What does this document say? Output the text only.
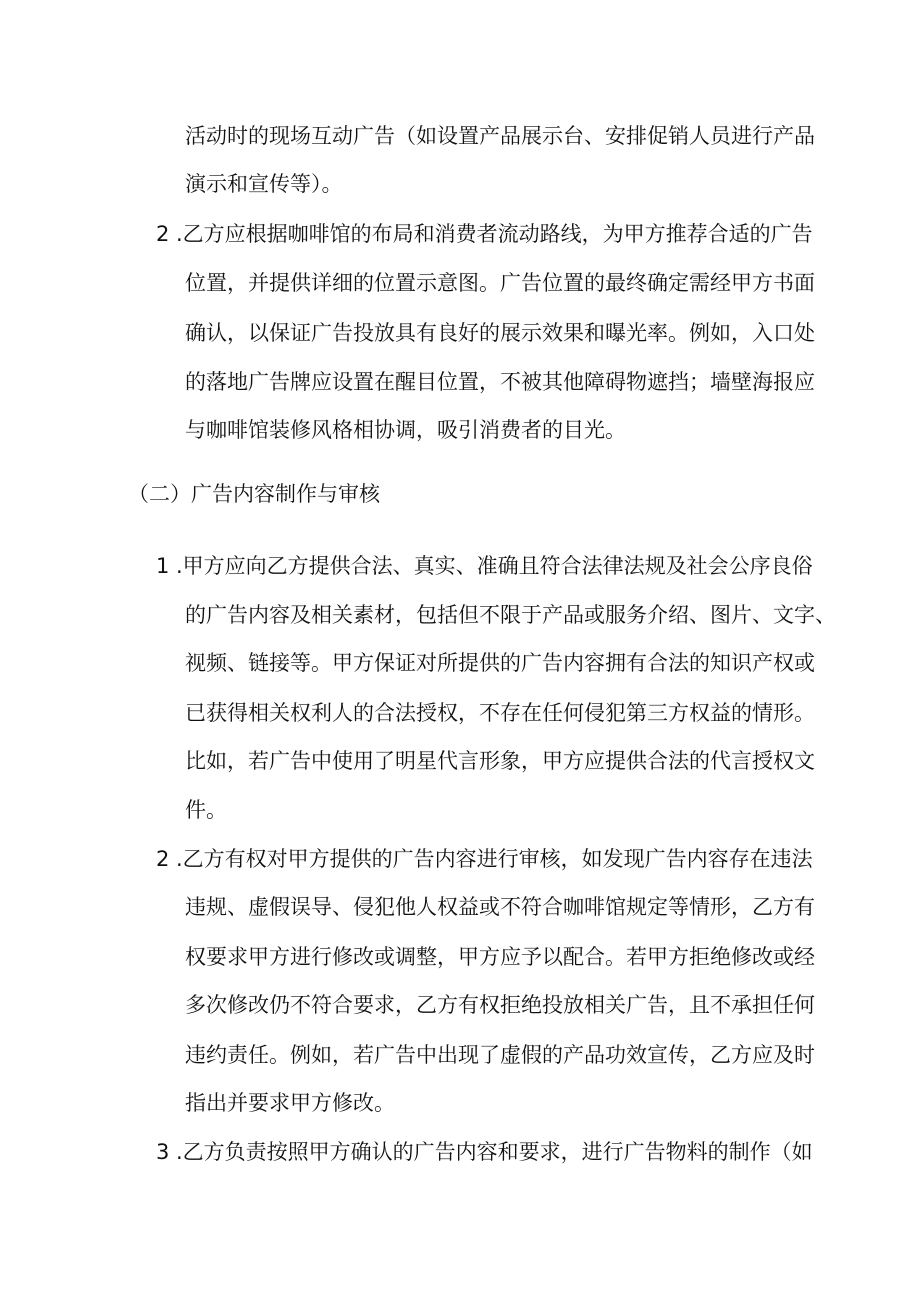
活动时的现场互动广告（如设置产品展示台、安排促销人员进行产品
演示和宣传等）。
2 .乙方应根据咖啡馆的布局和消费者流动路线，为甲方推荐合适的广告
位置，并提供详细的位置示意图。广告位置的最终确定需经甲方书面
确认，以保证广告投放具有良好的展示效果和曝光率。例如，入口处
的落地广告牌应设置在醒目位置，不被其他障碍物遮挡；墙壁海报应
与咖啡馆装修风格相协调，吸引消费者的目光。
（二）广告内容制作与审核
1 .甲方应向乙方提供合法、真实、准确且符合法律法规及社会公序良俗
的广告内容及相关素材，包括但不限于产品或服务介绍、图片、文字、
视频、链接等。甲方保证对所提供的广告内容拥有合法的知识产权或
已获得相关权利人的合法授权，不存在任何侵犯第三方权益的情形。
比如，若广告中使用了明星代言形象，甲方应提供合法的代言授权文
件。
2 .乙方有权对甲方提供的广告内容进行审核，如发现广告内容存在违法
违规、虚假误导、侵犯他人权益或不符合咖啡馆规定等情形，乙方有
权要求甲方进行修改或调整，甲方应予以配合。若甲方拒绝修改或经
多次修改仍不符合要求，乙方有权拒绝投放相关广告，且不承担任何
违约责任。例如，若广告中出现了虚假的产品功效宣传，乙方应及时
指出并要求甲方修改。
3 .乙方负责按照甲方确认的广告内容和要求，进行广告物料的制作（如
